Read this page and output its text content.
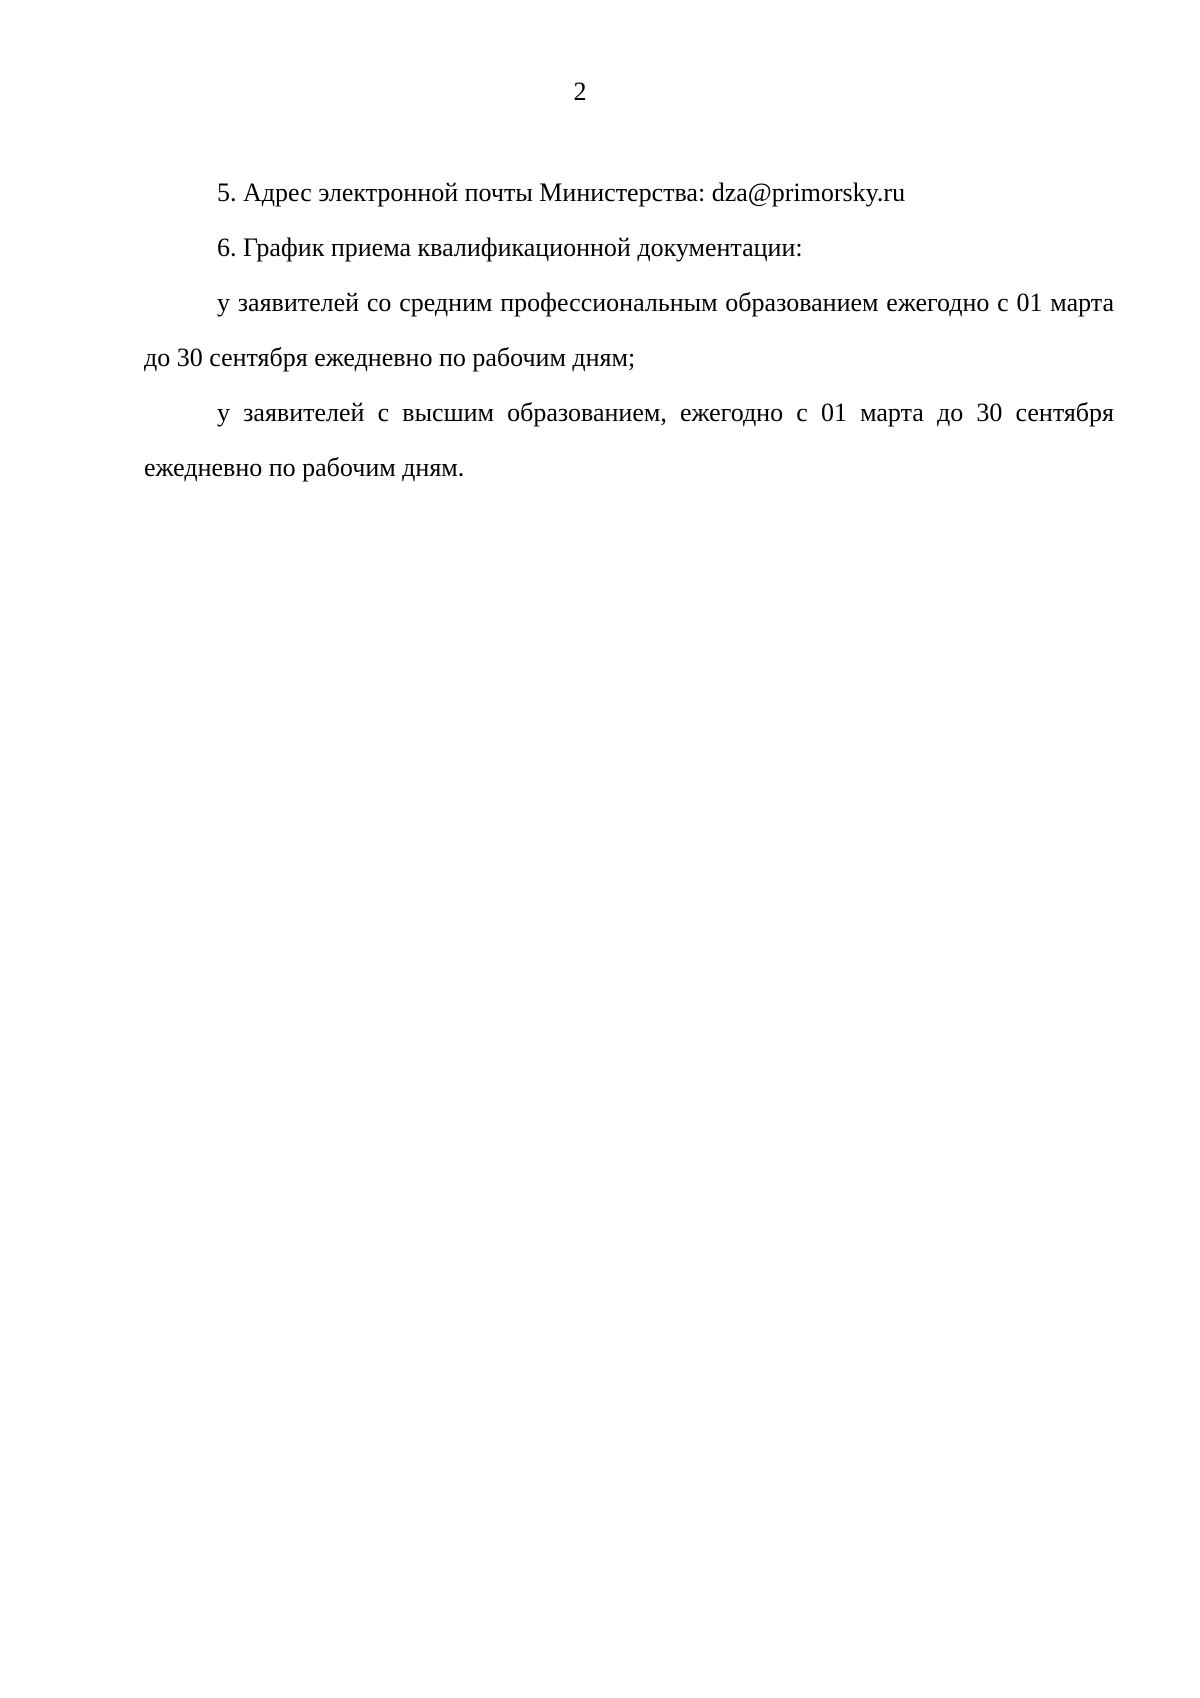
2

5. Адрес электронной почты Министерства: dza@primorsky.ru

6. График приема квалификационной документации:

у заявителей со средним профессиональным образованием ежегодно с 01 марта до 30 сентября ежедневно по рабочим дням;

у заявителей с высшим образованием, ежегодно с 01 марта до 30 сентября ежедневно по рабочим дням.
